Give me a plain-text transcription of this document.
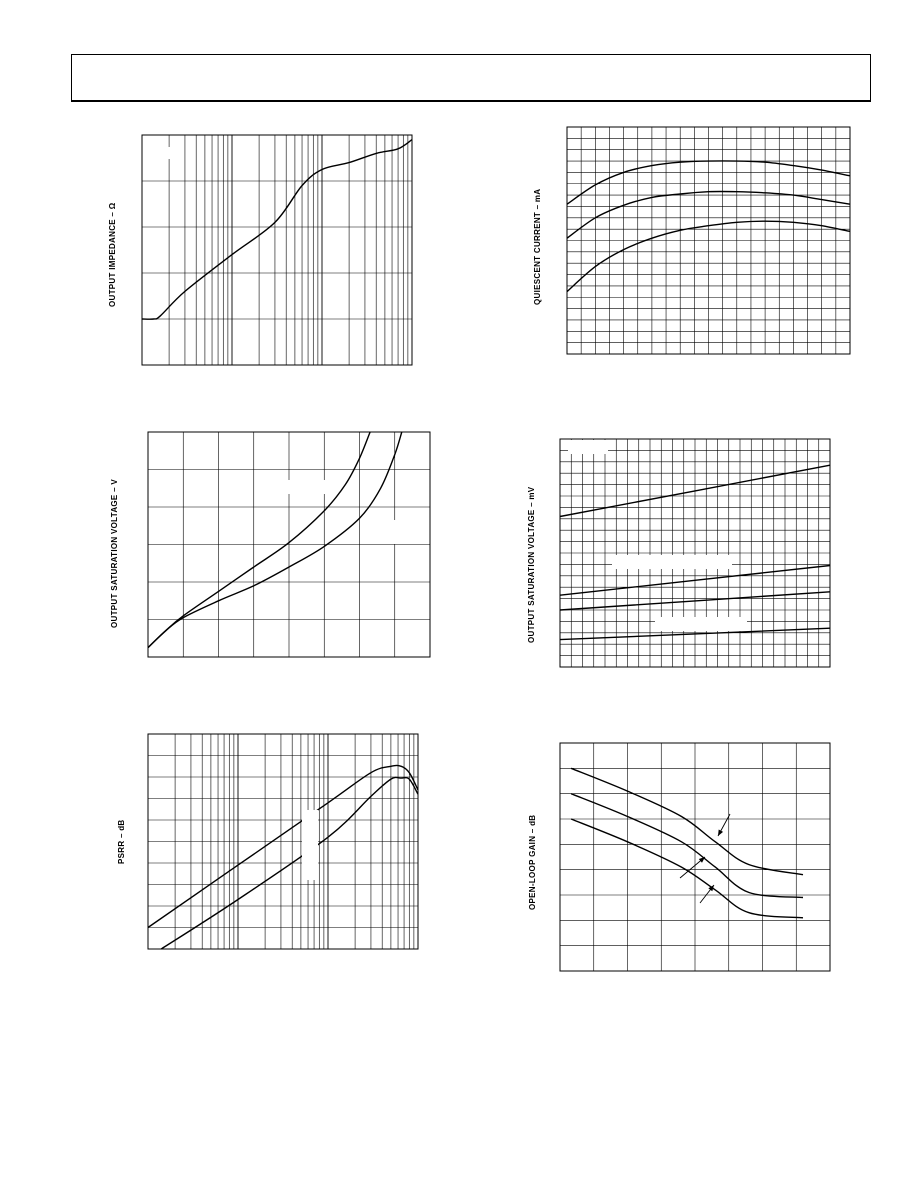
OUTPUT IMPEDANCE – Ω	QUIESCENT CURRENT – mA
OUTPUT SATURATION VOLTAGE – V	OUTPUT SATURATION VOLTAGE – mV
PSRR – dB	OPEN-LOOP GAIN – dB
